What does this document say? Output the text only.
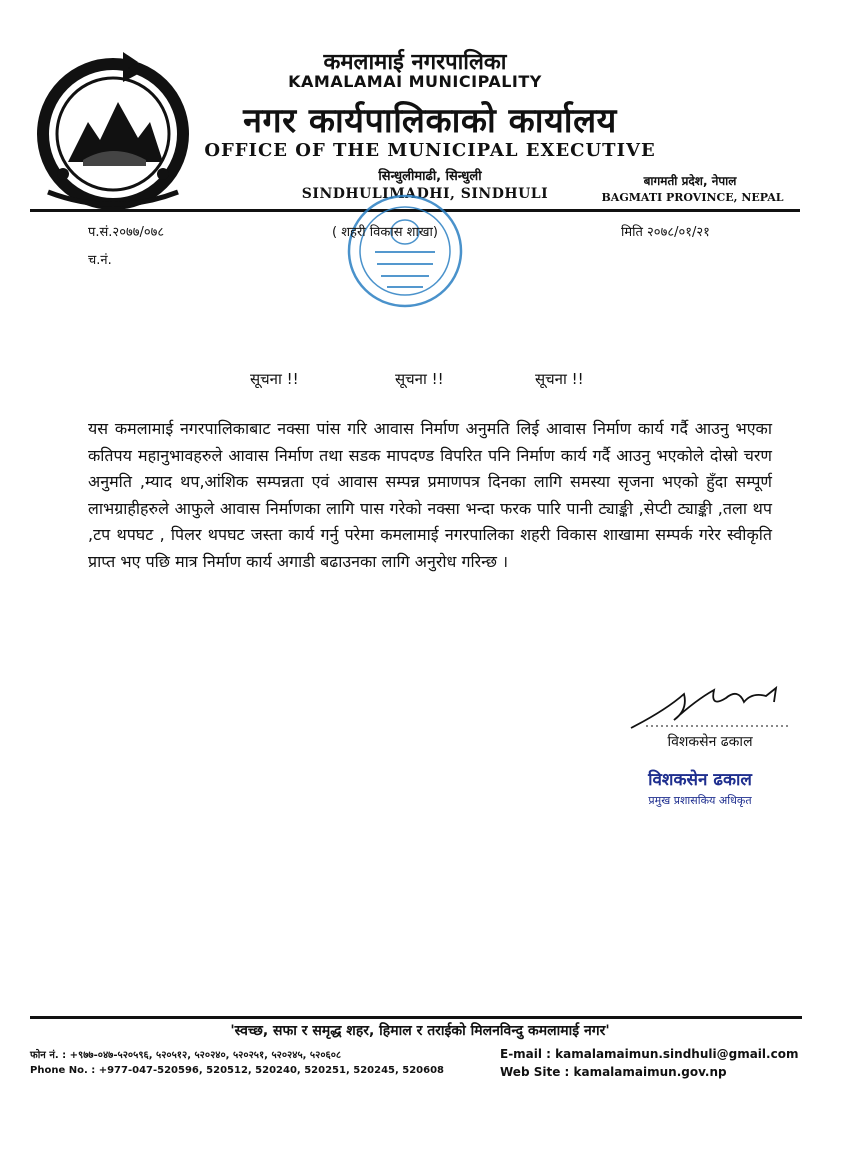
कमलामाई नगरपालिका
KAMALAMAI MUNICIPALITY
नगर कार्यपालिकाको कार्यालय
OFFICE OF THE MUNICIPAL EXECUTIVE
सिन्धुलीमाढी, सिन्धुली
SINDHULIMADHI, SINDHULI
बागमती प्रदेश, नेपाल
BAGMATI PROVINCE, NEPAL
प.सं.२०७७/०७८
च.नं.
( शहरी विकास शाखा)	मिति २०७८/०१/२१
सूचना !!	सूचना !!	सूचना !!

यस कमलामाई नगरपालिकाबाट नक्सा पांस गरि आवास निर्माण अनुमति लिई आवास निर्माण कार्य गर्दै आउनु भएका कतिपय महानुभावहरुले आवास निर्माण तथा सडक मापदण्ड विपरित पनि निर्माण कार्य गर्दै आउनु भएकोले दोस्रो चरण अनुमति ,म्याद थप,आंशिक सम्पन्नता एवं आवास सम्पन्न प्रमाणपत्र दिनका लागि समस्या सृजना भएको हुँदा सम्पूर्ण लाभग्राहीहरुले आफुले आवास निर्माणका लागि पास गरेको नक्सा भन्दा फरक पारि पानी ट्याङ्की ,सेप्टी ट्याङ्की ,तला थप ,टप थपघट , पिलर थपघट जस्ता कार्य गर्नु परेमा कमलामाई नगरपालिका शहरी विकास शाखामा सम्पर्क गरेर स्वीकृति प्राप्त भए पछि मात्र निर्माण कार्य अगाडी बढाउनका लागि अनुरोध गरिन्छ ।

विशकसेन ढकाल
विशकसेन ढकाल
प्रमुख प्रशासकिय अधिकृत
'स्वच्छ, सफा र समृद्ध शहर, हिमाल र तराईको मिलनविन्दु कमलामाई नगर'
फोन नं. : +९७७-०४७-५२०५९६, ५२०५१२, ५२०२४०, ५२०२५१, ५२०२४५, ५२०६०८
Phone No. : +977-047-520596, 520512, 520240, 520251, 520245, 520608
E-mail : kamalamaimun.sindhuli@gmail.com
Web Site : kamalamaimun.gov.np
